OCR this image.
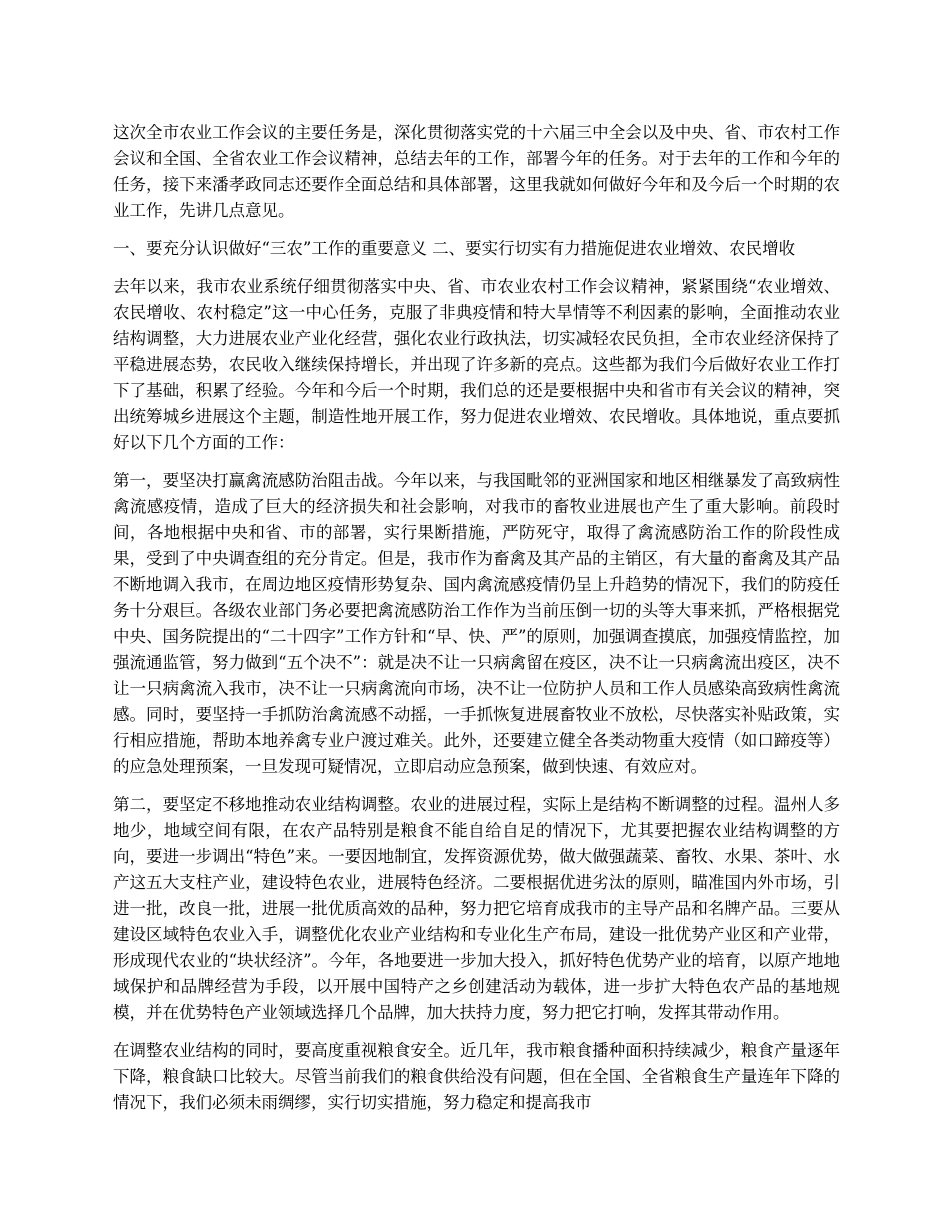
这次全市农业工作会议的主要任务是，深化贯彻落实党的十六届三中全会以及中央、省、市农村工作会议和全国、全省农业工作会议精神，总结去年的工作，部署今年的任务。对于去年的工作和今年的任务，接下来潘孝政同志还要作全面总结和具体部署，这里我就如何做好今年和及今后一个时期的农业工作，先讲几点意见。

一、要充分认识做好“三农”工作的重要意义 二、要实行切实有力措施促进农业增效、农民增收

去年以来，我市农业系统仔细贯彻落实中央、省、市农业农村工作会议精神，紧紧围绕“农业增效、农民增收、农村稳定”这一中心任务，克服了非典疫情和特大旱情等不利因素的影响，全面推动农业结构调整，大力进展农业产业化经营，强化农业行政执法，切实减轻农民负担，全市农业经济保持了平稳进展态势，农民收入继续保持增长，并出现了许多新的亮点。这些都为我们今后做好农业工作打下了基础，积累了经验。今年和今后一个时期，我们总的还是要根据中央和省市有关会议的精神，突出统筹城乡进展这个主题，制造性地开展工作，努力促进农业增效、农民增收。具体地说，重点要抓好以下几个方面的工作：

第一，要坚决打赢禽流感防治阻击战。今年以来，与我国毗邻的亚洲国家和地区相继暴发了高致病性禽流感疫情，造成了巨大的经济损失和社会影响，对我市的畜牧业进展也产生了重大影响。前段时间，各地根据中央和省、市的部署，实行果断措施，严防死守，取得了禽流感防治工作的阶段性成果，受到了中央调查组的充分肯定。但是，我市作为畜禽及其产品的主销区，有大量的畜禽及其产品不断地调入我市，在周边地区疫情形势复杂、国内禽流感疫情仍呈上升趋势的情况下，我们的防疫任务十分艰巨。各级农业部门务必要把禽流感防治工作作为当前压倒一切的头等大事来抓，严格根据党中央、国务院提出的“二十四字”工作方针和“早、快、严”的原则，加强调查摸底，加强疫情监控，加强流通监管，努力做到“五个决不”：就是决不让一只病禽留在疫区，决不让一只病禽流出疫区，决不让一只病禽流入我市，决不让一只病禽流向市场，决不让一位防护人员和工作人员感染高致病性禽流感。同时，要坚持一手抓防治禽流感不动摇，一手抓恢复进展畜牧业不放松，尽快落实补贴政策，实行相应措施，帮助本地养禽专业户渡过难关。此外，还要建立健全各类动物重大疫情（如口蹄疫等）的应急处理预案，一旦发现可疑情况，立即启动应急预案，做到快速、有效应对。

第二，要坚定不移地推动农业结构调整。农业的进展过程，实际上是结构不断调整的过程。温州人多地少，地域空间有限，在农产品特别是粮食不能自给自足的情况下，尤其要把握农业结构调整的方向，要进一步调出“特色”来。一要因地制宜，发挥资源优势，做大做强蔬菜、畜牧、水果、茶叶、水产这五大支柱产业，建设特色农业，进展特色经济。二要根据优进劣汰的原则，瞄准国内外市场，引进一批，改良一批，进展一批优质高效的品种，努力把它培育成我市的主导产品和名牌产品。三要从建设区域特色农业入手，调整优化农业产业结构和专业化生产布局，建设一批优势产业区和产业带，形成现代农业的“块状经济”。今年，各地要进一步加大投入，抓好特色优势产业的培育，以原产地地域保护和品牌经营为手段，以开展中国特产之乡创建活动为载体，进一步扩大特色农产品的基地规模，并在优势特色产业领域选择几个品牌，加大扶持力度，努力把它打响，发挥其带动作用。

在调整农业结构的同时，要高度重视粮食安全。近几年，我市粮食播种面积持续减少，粮食产量逐年下降，粮食缺口比较大。尽管当前我们的粮食供给没有问题，但在全国、全省粮食生产量连年下降的情况下，我们必须未雨绸缪，实行切实措施，努力稳定和提高我市
